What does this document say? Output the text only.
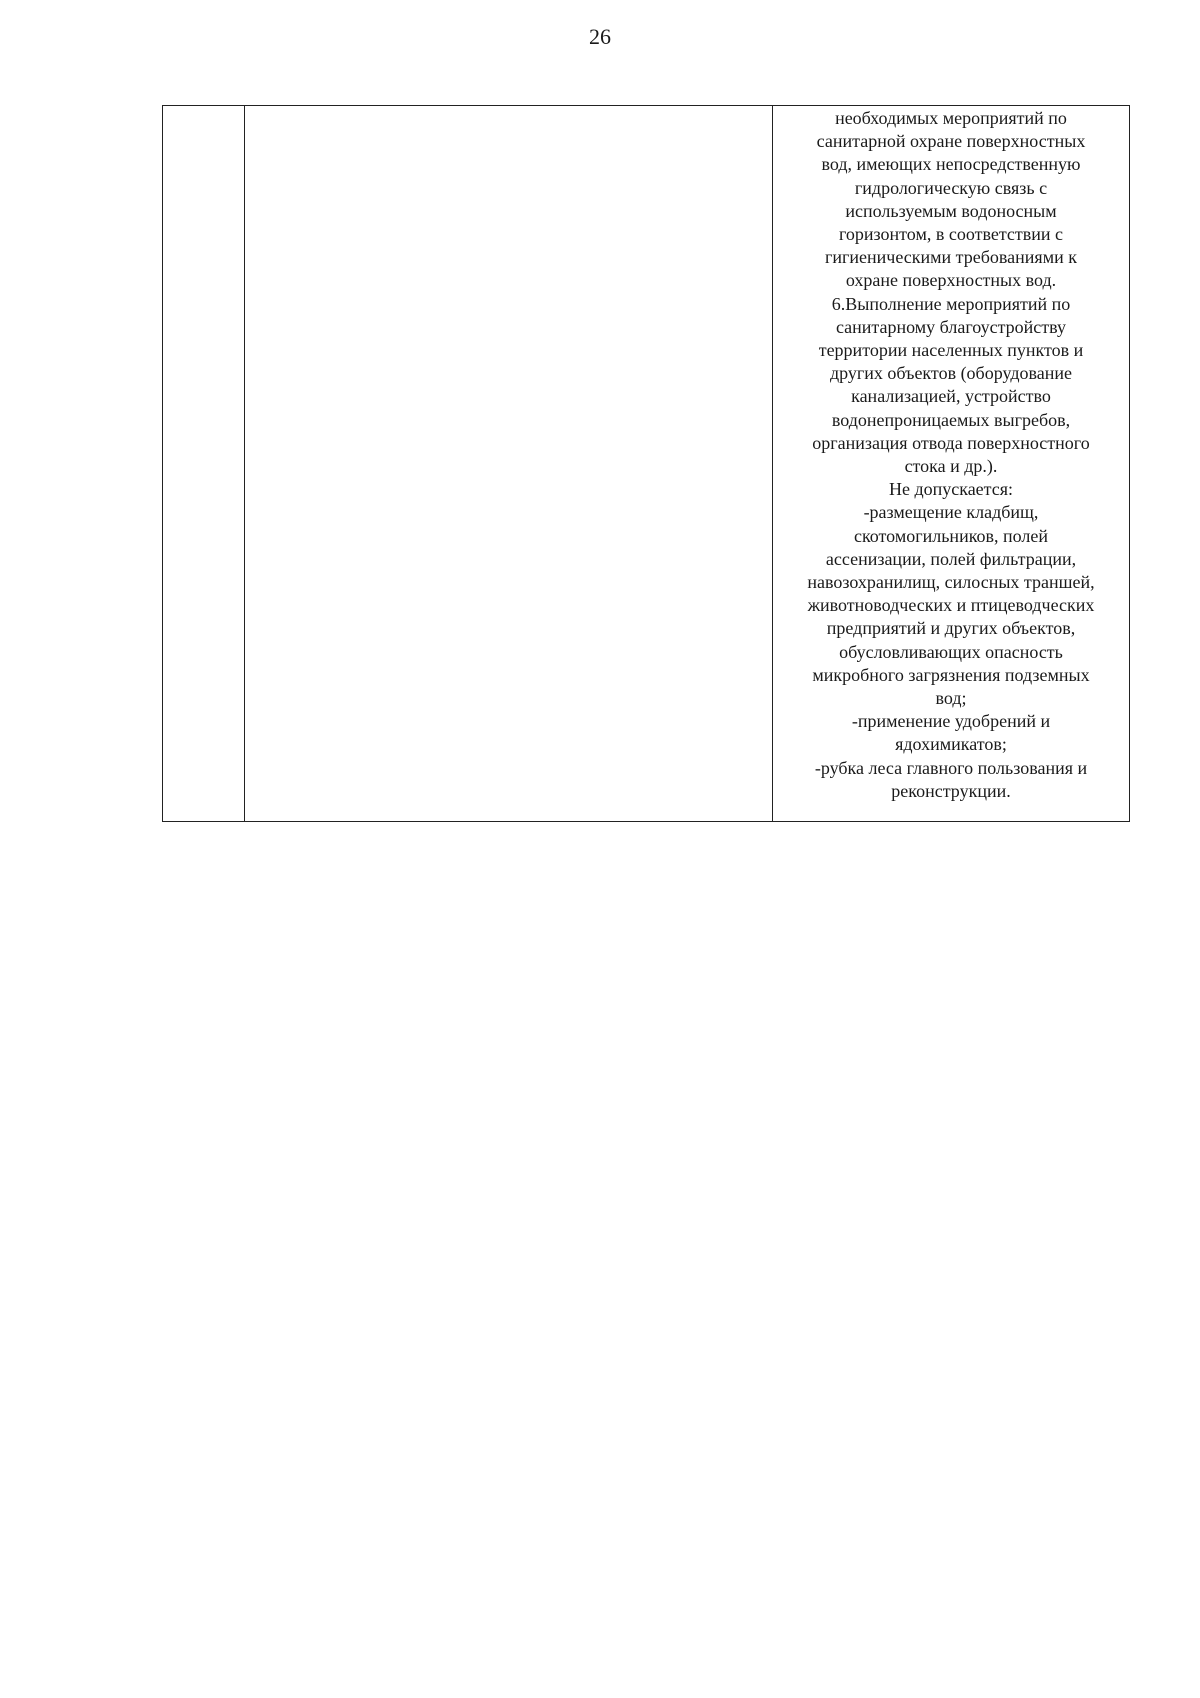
26

необходимых мероприятий по
санитарной охране поверхностных
вод, имеющих непосредственную
гидрологическую связь с
используемым водоносным
горизонтом, в соответствии с
гигиеническими требованиями к
охране поверхностных вод.
6.Выполнение мероприятий по
санитарному благоустройству
территории населенных пунктов и
других объектов (оборудование
канализацией, устройство
водонепроницаемых выгребов,
организация отвода поверхностного
стока и др.).
Не допускается:
-размещение кладбищ,
скотомогильников, полей
ассенизации, полей фильтрации,
навозохранилищ, силосных траншей,
животноводческих и птицеводческих
предприятий и других объектов,
обусловливающих опасность
микробного загрязнения подземных
вод;
-применение удобрений и
ядохимикатов;
-рубка леса главного пользования и
реконструкции.
